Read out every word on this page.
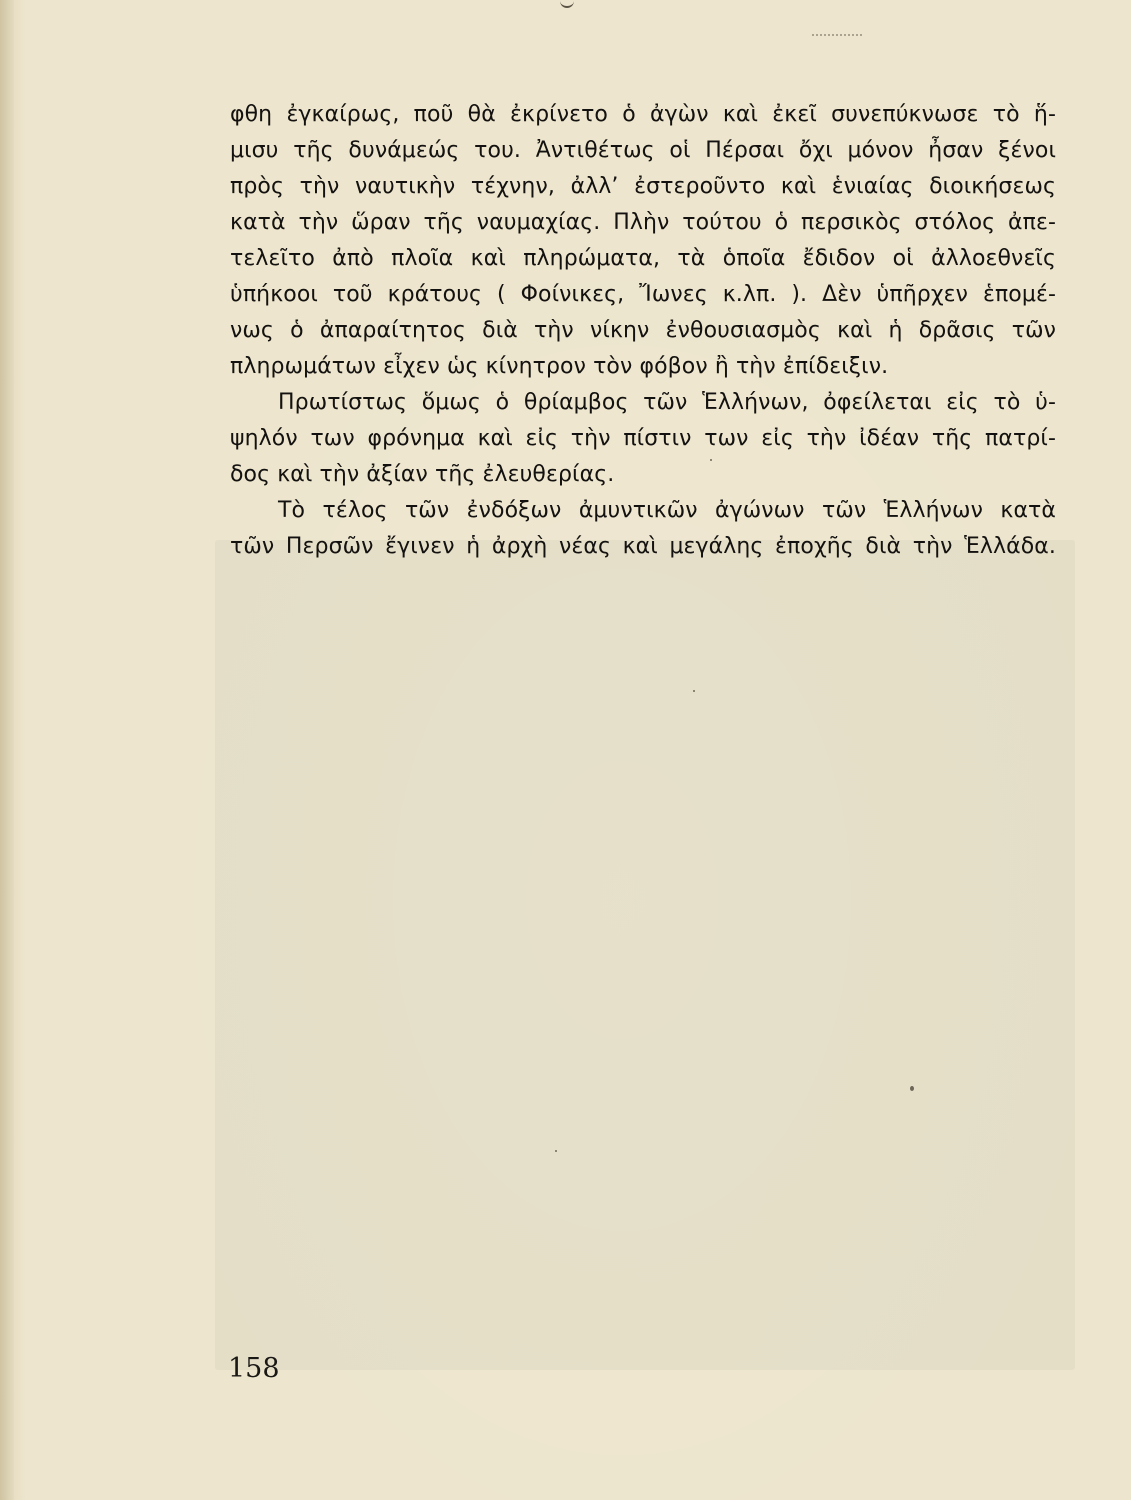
φθη ἐγκαίρως, ποῦ θὰ ἐκρίνετο ὁ ἀγὼν καὶ ἐκεῖ συνεπύκνωσε τὸ ἥ-
μισυ τῆς δυνάμεώς του. Ἀντιθέτως οἱ Πέρσαι ὄχι μόνον ἦσαν ξένοι
πρὸς τὴν ναυτικὴν τέχνην, ἀλλ’ ἐστεροῦντο καὶ ἑνιαίας διοικήσεως
κατὰ τὴν ὥραν τῆς ναυμαχίας. Πλὴν τούτου ὁ περσικὸς στόλος ἀπε-
τελεῖτο ἀπὸ πλοῖα καὶ πληρώματα, τὰ ὁποῖα ἔδιδον οἱ ἀλλοεθνεῖς
ὑπήκοοι τοῦ κράτους ( Φοίνικες, Ἴωνες κ.λπ. ). Δὲν ὑπῆρχεν ἑπομέ-
νως ὁ ἀπαραίτητος διὰ τὴν νίκην ἐνθουσιασμὸς καὶ ἡ δρᾶσις τῶν
πληρωμάτων εἶχεν ὡς κίνητρον τὸν φόβον ἢ τὴν ἐπίδειξιν.
Πρωτίστως ὅμως ὁ θρίαμβος τῶν Ἑλλήνων, ὀφείλεται εἰς τὸ ὑ-
ψηλόν των φρόνημα καὶ εἰς τὴν πίστιν των εἰς τὴν ἰδέαν τῆς πατρί-
δος καὶ τὴν ἀξίαν τῆς ἐλευθερίας.
Τὸ τέλος τῶν ἐνδόξων ἀμυντικῶν ἀγώνων τῶν Ἑλλήνων κατὰ
τῶν Περσῶν ἔγινεν ἡ ἀρχὴ νέας καὶ μεγάλης ἐποχῆς διὰ τὴν Ἑλλάδα.
158
